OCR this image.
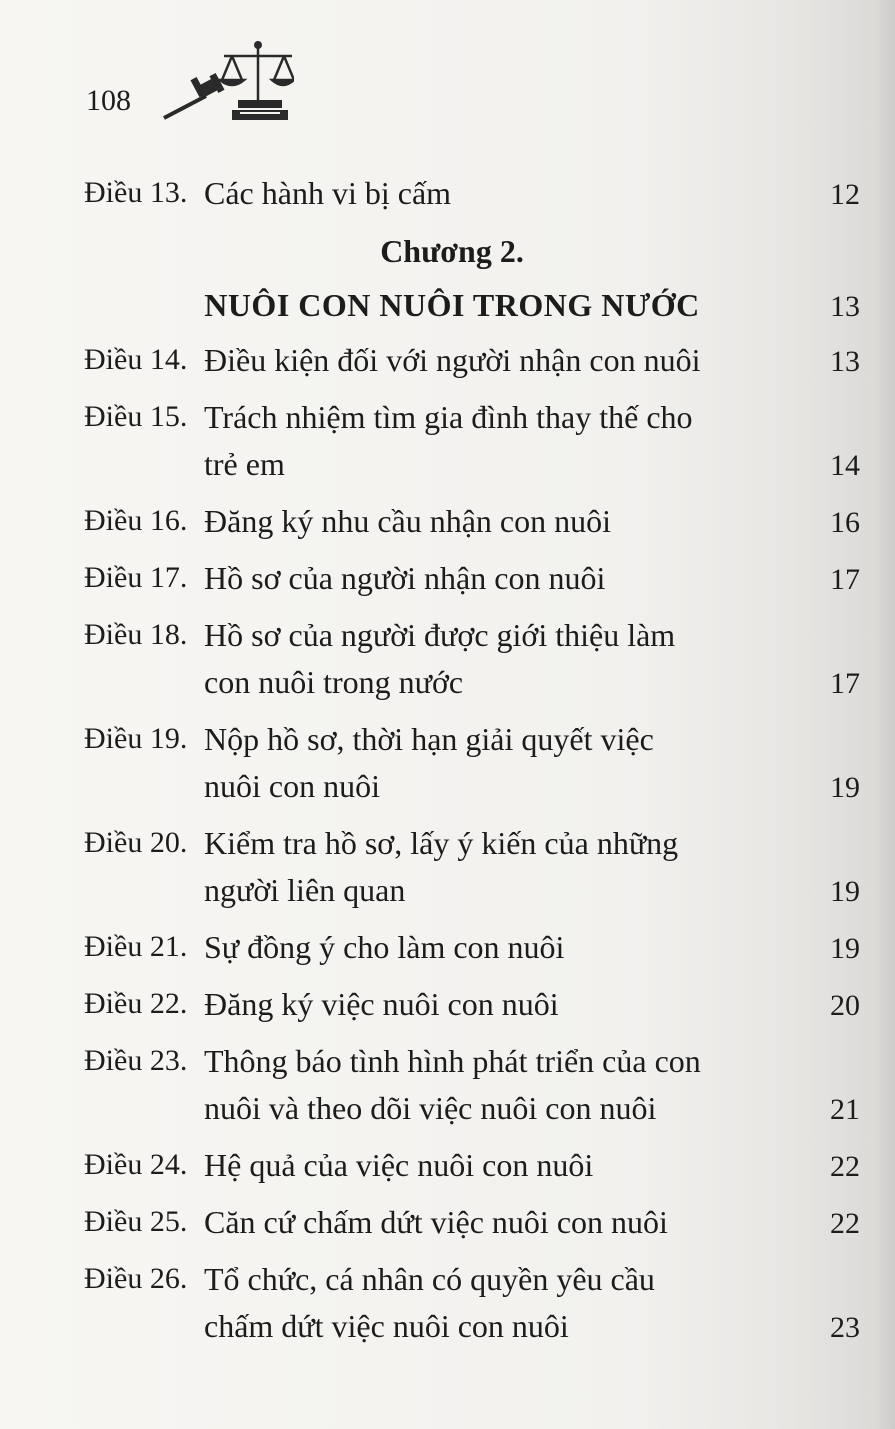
108
Điều 13. Các hành vi bị cấm	12
Chương 2.
NUÔI CON NUÔI TRONG NƯỚC	13
Điều 14. Điều kiện đối với người nhận con nuôi	13
Điều 15. Trách nhiệm tìm gia đình thay thế cho
trẻ em	14
Điều 16. Đăng ký nhu cầu nhận con nuôi	16
Điều 17. Hồ sơ của người nhận con nuôi	17
Điều 18. Hồ sơ của người được giới thiệu làm
con nuôi trong nước	17
Điều 19. Nộp hồ sơ, thời hạn giải quyết việc
nuôi con nuôi	19
Điều 20. Kiểm tra hồ sơ, lấy ý kiến của những
người liên quan	19
Điều 21. Sự đồng ý cho làm con nuôi	19
Điều 22. Đăng ký việc nuôi con nuôi	20
Điều 23. Thông báo tình hình phát triển của con
nuôi và theo dõi việc nuôi con nuôi	21
Điều 24. Hệ quả của việc nuôi con nuôi	22
Điều 25. Căn cứ chấm dứt việc nuôi con nuôi	22
Điều 26. Tổ chức, cá nhân có quyền yêu cầu
chấm dứt việc nuôi con nuôi	23
